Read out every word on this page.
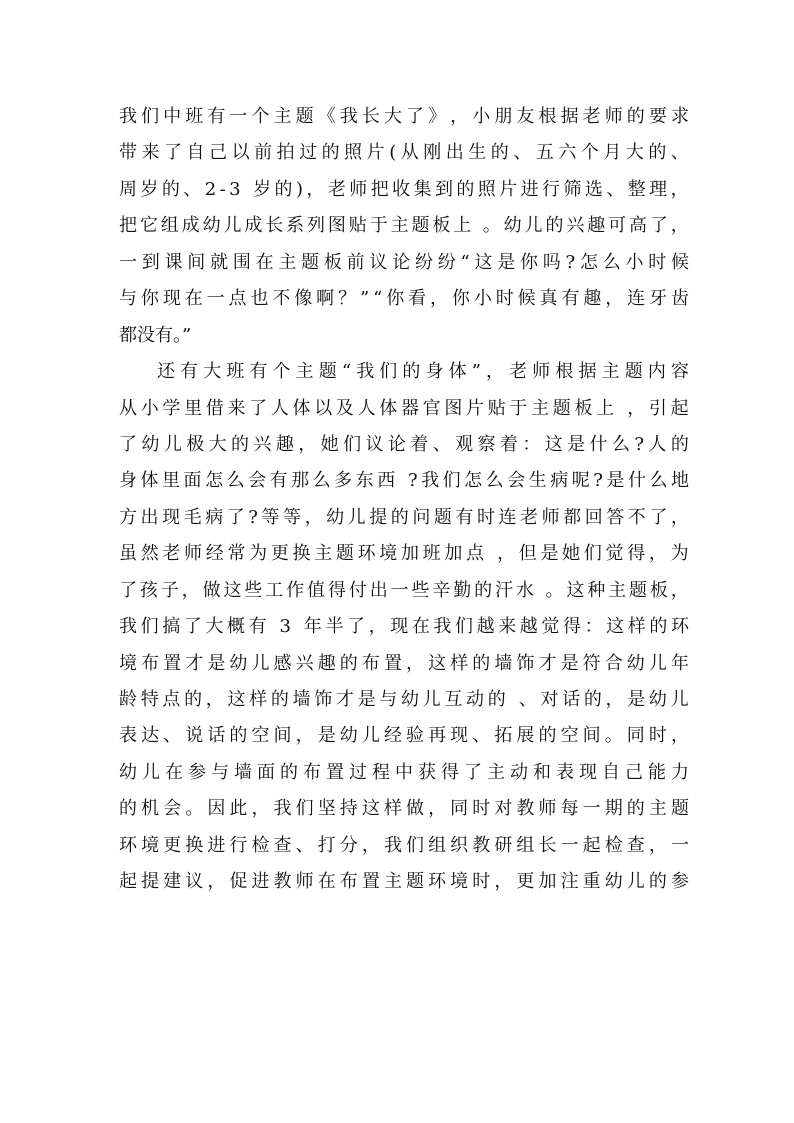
我 们 中 班 有 一 个 主 题 《 我 长 大 了 》 ， 小 朋 友 根 据 老 师 的 要 求
带 来 了 自 己 以 前 拍 过 的 照 片 ( 从 刚 出 生 的 、 五 六 个 月 大 的 、
周 岁 的 、 2 - 3
岁 的 ) ， 老 师 把 收 集 到 的 照 片 进 行 筛 选 、 整 理 ，
把 它 组 成 幼 儿 成 长 系 列 图 贴 于 主 题 板 上
。 幼 儿 的 兴 趣 可 高 了 ，
一 到 课 间 就 围 在 主 题 板 前 议 论 纷 纷 “ 这 是 你 吗 ? 怎 么 小 时 候
与 你 现 在 一 点 也 不 像 啊 ？ ” “ 你 看 ， 你 小 时 候 真 有 趣 ， 连 牙 齿
都没有。”
还 有 大 班 有 个 主 题 “ 我 们 的 身 体 ” ， 老 师 根 据 主 题 内 容
从 小 学 里 借 来 了 人 体 以 及 人 体 器 官 图 片 贴 于 主 题 板 上
， 引 起
了 幼 儿 极 大 的 兴 趣 ， 她 们 议 论 着 、 观 察 着 ： 这 是 什 么 ? 人 的
身 体 里 面 怎 么 会 有 那 么 多 东 西
? 我 们 怎 么 会 生 病 呢 ? 是 什 么 地
方 出 现 毛 病 了 ? 等 等 ， 幼 儿 提 的 问 题 有 时 连 老 师 都 回 答 不 了 ，
虽 然 老 师 经 常 为 更 换 主 题 环 境 加 班 加 点
， 但 是 她 们 觉 得 ， 为
了 孩 子 ， 做 这 些 工 作 值 得 付 出 一 些 辛 勤 的 汗 水
。 这 种 主 题 板 ，
我 们 搞 了 大 概 有
3
年 半 了 ， 现 在 我 们 越 来 越 觉 得 ： 这 样 的 环
境 布 置 才 是 幼 儿 感 兴 趣 的 布 置 ， 这 样 的 墙 饰 才 是 符 合 幼 儿 年
龄 特 点 的 ， 这 样 的 墙 饰 才 是 与 幼 儿 互 动 的
、 对 话 的 ， 是 幼 儿
表 达 、 说 话 的 空 间 ， 是 幼 儿 经 验 再 现 、 拓 展 的 空 间 。 同 时 ，
幼 儿 在 参 与 墙 面 的 布 置 过 程 中 获 得 了 主 动 和 表 现 自 己 能 力
的 机 会 。 因 此 ， 我 们 坚 持 这 样 做 ， 同 时 对 教 师 每 一 期 的 主 题
环 境 更 换 进 行 检 查 、 打 分 ， 我 们 组 织 教 研 组 长 一 起 检 查 ， 一
起 提 建 议 ， 促 进 教 师 在 布 置 主 题 环 境 时 ， 更 加 注 重 幼 儿 的 参
